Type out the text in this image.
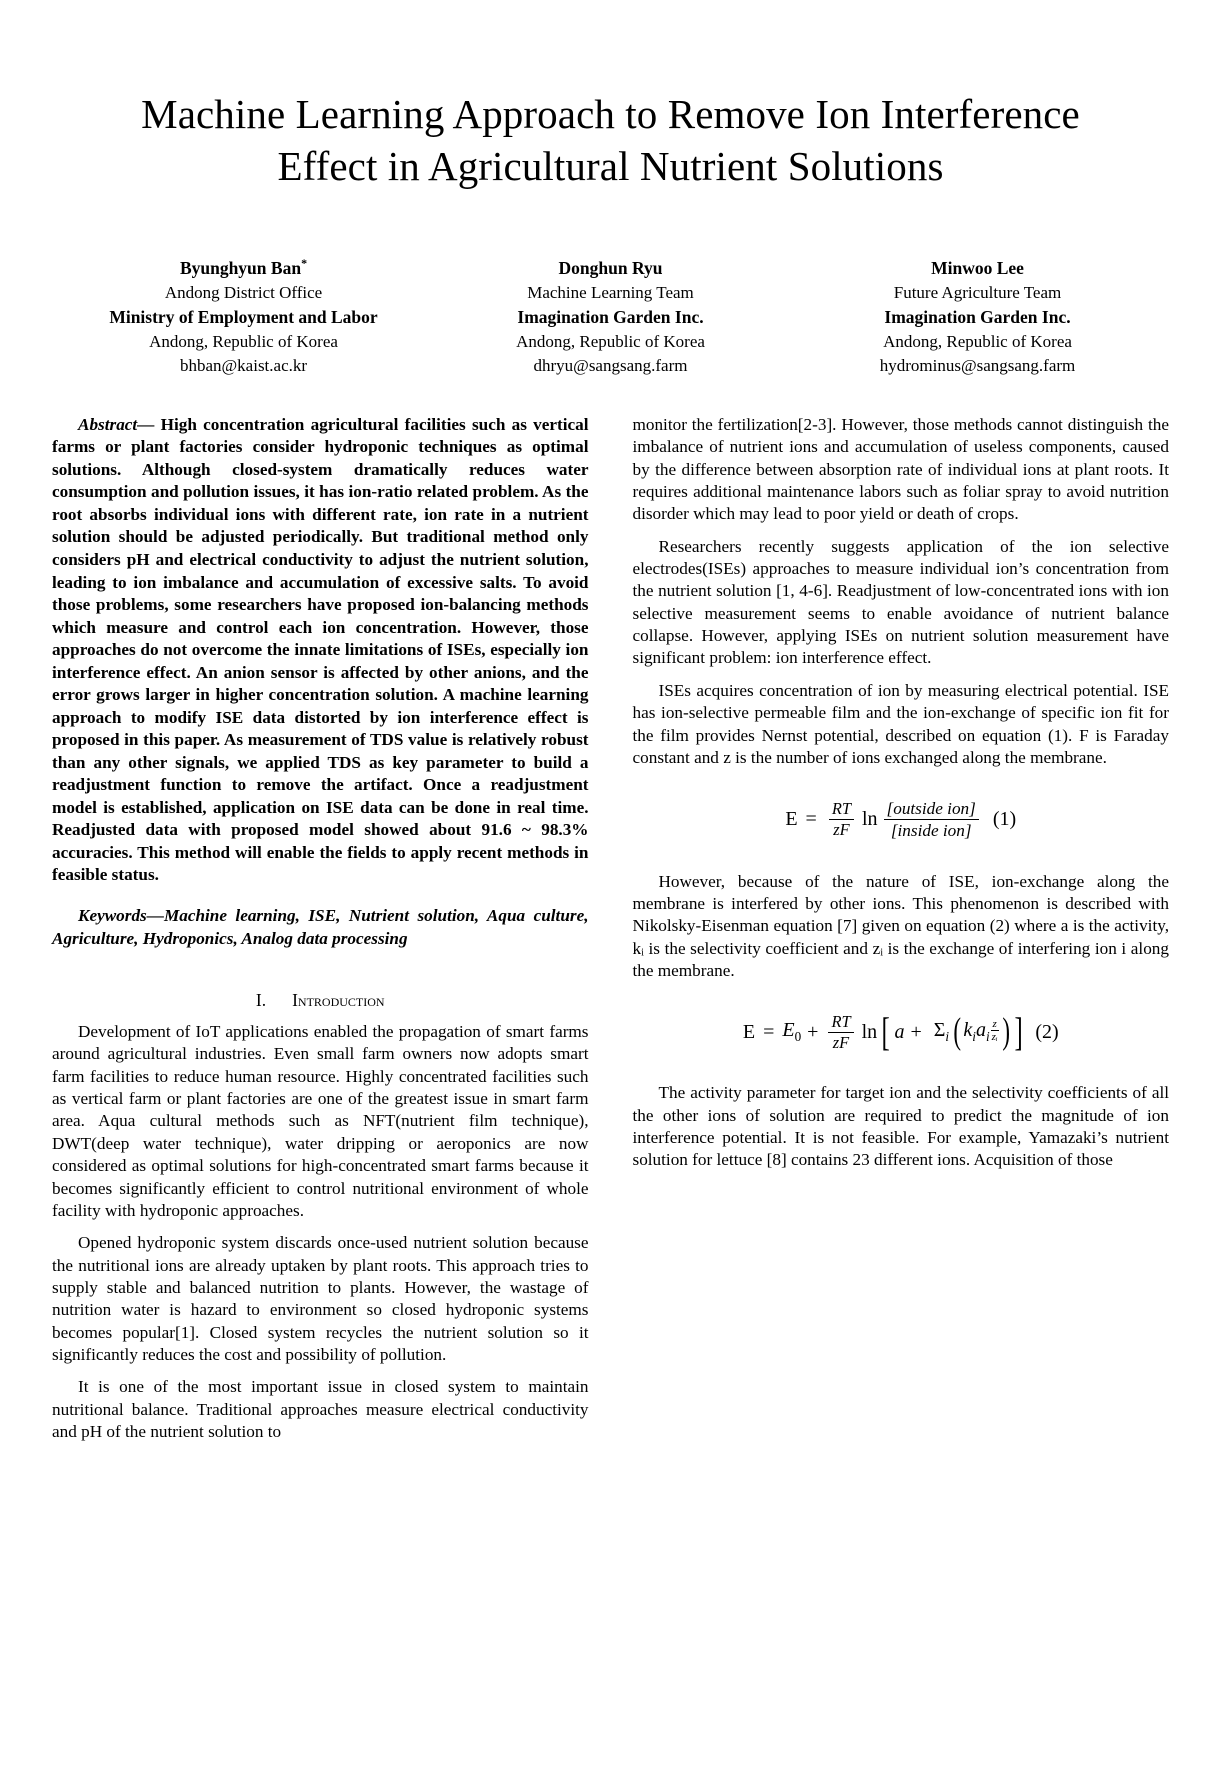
Machine Learning Approach to Remove Ion Interference Effect in Agricultural Nutrient Solutions
Byunghyun Ban*
Andong District Office
Ministry of Employment and Labor
Andong, Republic of Korea
bhban@kaist.ac.kr
Donghun Ryu
Machine Learning Team
Imagination Garden Inc.
Andong, Republic of Korea
dhryu@sangsang.farm
Minwoo Lee
Future Agriculture Team
Imagination Garden Inc.
Andong, Republic of Korea
hydrominus@sangsang.farm

Abstract— High concentration agricultural facilities such as vertical farms or plant factories consider hydroponic techniques as optimal solutions. Although closed-system dramatically reduces water consumption and pollution issues, it has ion-ratio related problem. As the root absorbs individual ions with different rate, ion rate in a nutrient solution should be adjusted periodically. But traditional method only considers pH and electrical conductivity to adjust the nutrient solution, leading to ion imbalance and accumulation of excessive salts. To avoid those problems, some researchers have proposed ion-balancing methods which measure and control each ion concentration. However, those approaches do not overcome the innate limitations of ISEs, especially ion interference effect. An anion sensor is affected by other anions, and the error grows larger in higher concentration solution. A machine learning approach to modify ISE data distorted by ion interference effect is proposed in this paper. As measurement of TDS value is relatively robust than any other signals, we applied TDS as key parameter to build a readjustment function to remove the artifact. Once a readjustment model is established, application on ISE data can be done in real time. Readjusted data with proposed model showed about 91.6 ~ 98.3% accuracies. This method will enable the fields to apply recent methods in feasible status.

Keywords—Machine learning, ISE, Nutrient solution, Aqua culture, Agriculture, Hydroponics, Analog data processing

I. Introduction

Development of IoT applications enabled the propagation of smart farms around agricultural industries. Even small farm owners now adopts smart farm facilities to reduce human resource. Highly concentrated facilities such as vertical farm or plant factories are one of the greatest issue in smart farm area. Aqua cultural methods such as NFT(nutrient film technique), DWT(deep water technique), water dripping or aeroponics are now considered as optimal solutions for high-concentrated smart farms because it becomes significantly efficient to control nutritional environment of whole facility with hydroponic approaches.

Opened hydroponic system discards once-used nutrient solution because the nutritional ions are already uptaken by plant roots. This approach tries to supply stable and balanced nutrition to plants. However, the wastage of nutrition water is hazard to environment so closed hydroponic systems becomes popular[1]. Closed system recycles the nutrient solution so it significantly reduces the cost and possibility of pollution.

It is one of the most important issue in closed system to maintain nutritional balance. Traditional approaches measure electrical conductivity and pH of the nutrient solution to

monitor the fertilization[2-3]. However, those methods cannot distinguish the imbalance of nutrient ions and accumulation of useless components, caused by the difference between absorption rate of individual ions at plant roots. It requires additional maintenance labors such as foliar spray to avoid nutrition disorder which may lead to poor yield or death of crops.

Researchers recently suggests application of the ion selective electrodes(ISEs) approaches to measure individual ion’s concentration from the nutrient solution [1, 4-6]. Readjustment of low-concentrated ions with ion selective measurement seems to enable avoidance of nutrient balance collapse. However, applying ISEs on nutrient solution measurement have significant problem: ion interference effect.

ISEs acquires concentration of ion by measuring electrical potential. ISE has ion-selective permeable film and the ion-exchange of specific ion fit for the film provides Nernst potential, described on equation (1). F is Faraday constant and z is the number of ions exchanged along the membrane.

$E = \frac{RT}{zF}$ $\ln \frac{\text{[outside ion]}}{\text{[inside ion]}} (1)$

However, because of the nature of ISE, ion-exchange along the membrane is interfered by other ions. This phenomenon is described with Nikolsky-Eisenman equation [7] given on equation (2) where a is the activity, kᵢ is the selectivity coefficient and zᵢ is the exchange of interfering ion i along the membrane.

$E = E_0 + \frac{RT}{zF}$ ln [ $a + \Sigma_i$ ( $k_i$ $a_i \frac{z}{\text{zᵢ}}$ ) ] (2)

The activity parameter for target ion and the selectivity coefficients of all the other ions of solution are required to predict the magnitude of ion interference potential. It is not feasible. For example, Yamazaki’s nutrient solution for lettuce [8] contains 23 different ions. Acquisition of those
